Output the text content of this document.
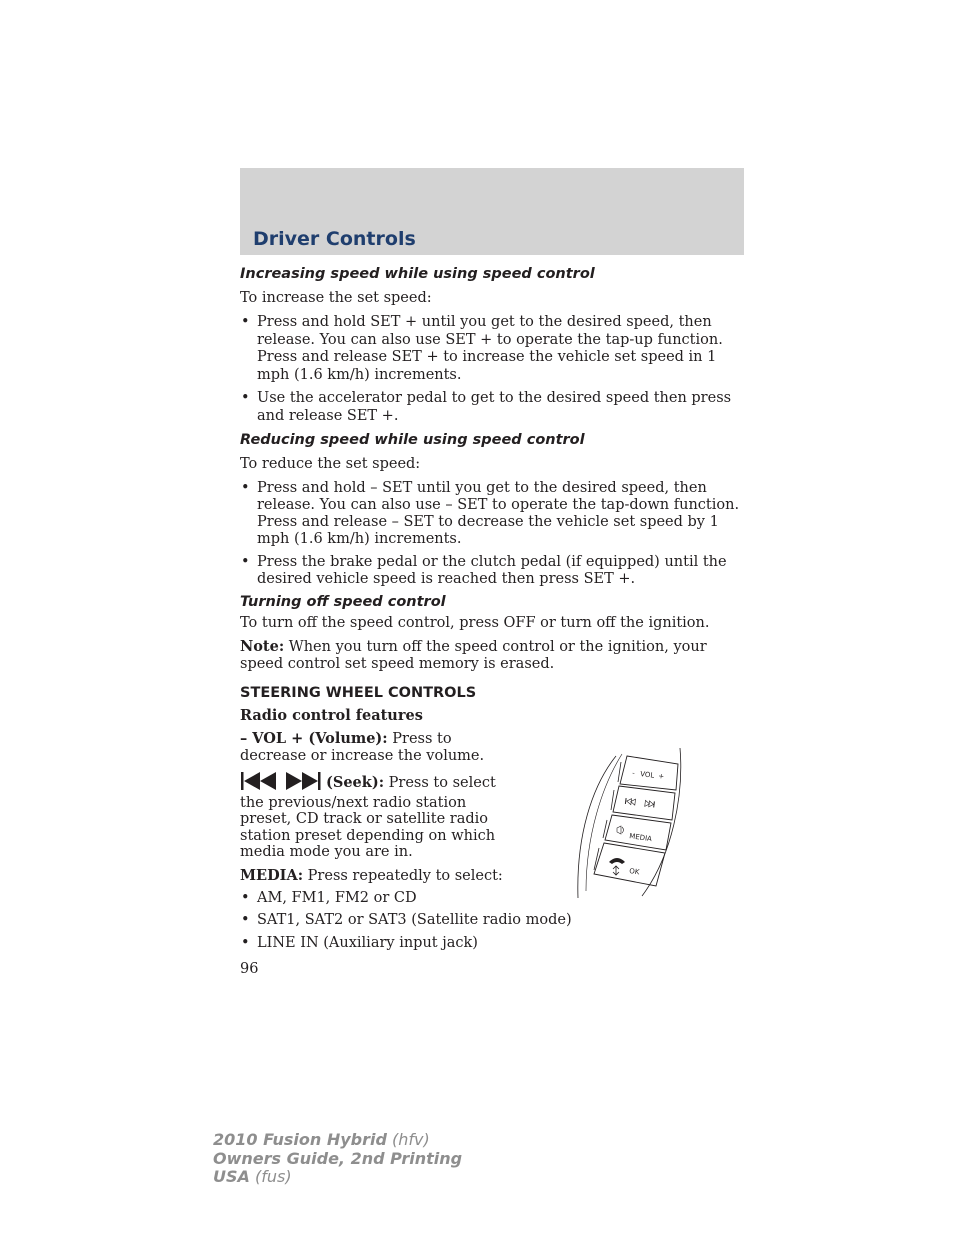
Driver Controls
Increasing speed while using speed control

To increase the set speed:

• Press and hold SET + until you get to the desired speed, then release. You can also use SET + to operate the tap-up function. Press and release SET + to increase the vehicle set speed in 1 mph (1.6 km/h) increments.
• Use the accelerator pedal to get to the desired speed then press and release SET +.
Reducing speed while using speed control

To reduce the set speed:

• Press and hold – SET until you get to the desired speed, then release. You can also use – SET to operate the tap-down function. Press and release – SET to decrease the vehicle set speed by 1 mph (1.6 km/h) increments.
• Press the brake pedal or the clutch pedal (if equipped) until the desired vehicle speed is reached then press SET +.
Turning off speed control

To turn off the speed control, press OFF or turn off the ignition.

Note: When you turn off the speed control or the ignition, your speed control set speed memory is erased.

STEERING WHEEL CONTROLS

Radio control features

– VOL + (Volume): Press to decrease or increase the volume.

(Seek): Press to select the previous/next radio station preset, CD track or satellite radio station preset depending on which media mode you are in.

MEDIA: Press repeatedly to select:

• AM, FM1, FM2 or CD
• SAT1, SAT2 or SAT3 (Satellite radio mode)
• LINE IN (Auxiliary input jack)
- VOL +
MEDIA
OK
96
2010 Fusion Hybrid (hfv)
Owners Guide, 2nd Printing
USA (fus)
